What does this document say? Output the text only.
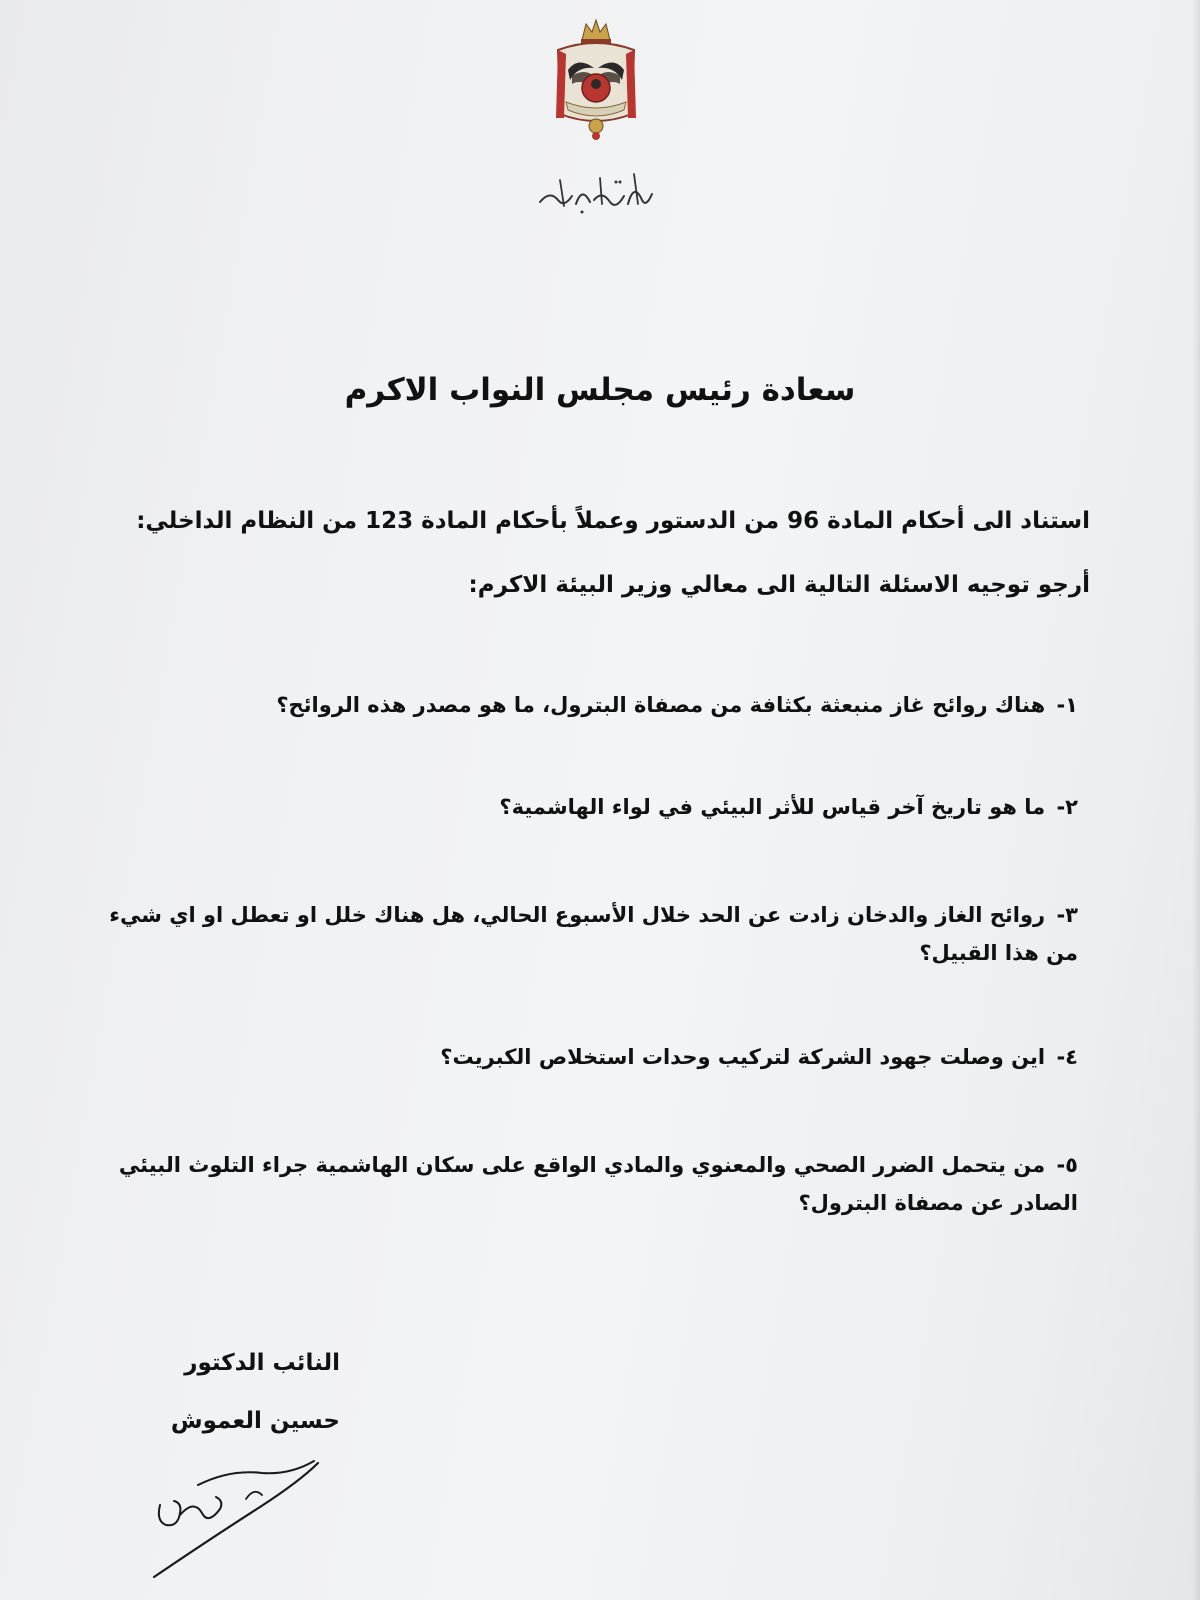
سعادة رئيس مجلس النواب الاكرم

استناد الى أحكام المادة 96 من الدستور وعملاً بأحكام المادة 123 من النظام الداخلي:

أرجو توجيه الاسئلة التالية الى معالي وزير البيئة الاكرم:

١- هناك روائح غاز منبعثة بكثافة من مصفاة البترول، ما هو مصدر هذه الروائح؟

٢- ما هو تاريخ آخر قياس للأثر البيئي في لواء الهاشمية؟

٣- روائح الغاز والدخان زادت عن الحد خلال الأسبوع الحالي، هل هناك خلل او تعطل او اي شيء من هذا القبيل؟

٤- اين وصلت جهود الشركة لتركيب وحدات استخلاص الكبريت؟

٥- من يتحمل الضرر الصحي والمعنوي والمادي الواقع على سكان الهاشمية جراء التلوث البيئي الصادر عن مصفاة البترول؟

النائب الدكتور

حسين العموش
